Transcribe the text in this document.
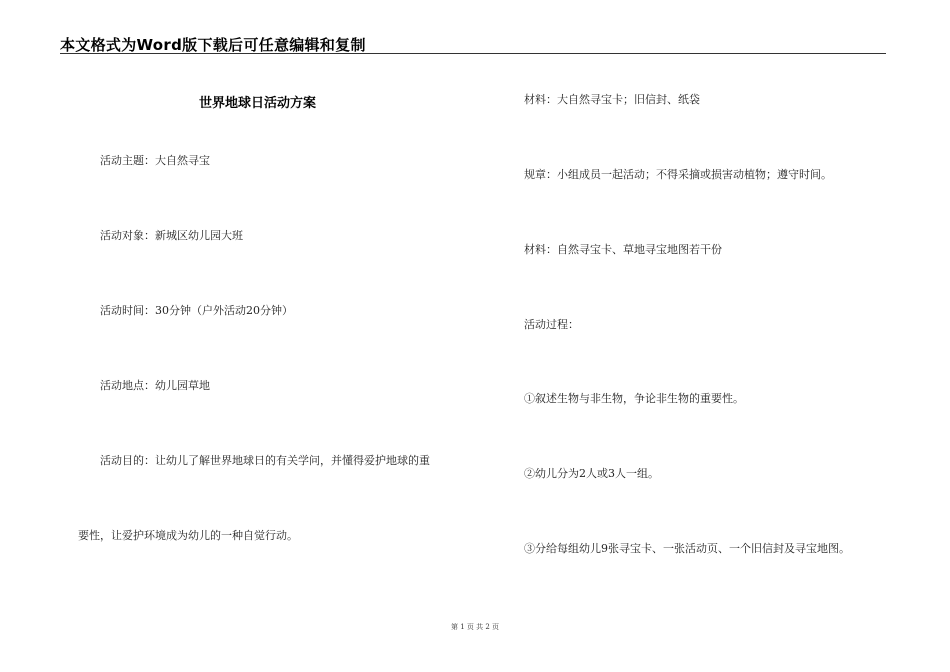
本文格式为Word版下载后可任意编辑和复制
世界地球日活动方案
活动主题：大自然寻宝
活动对象：新城区幼儿园大班
活动时间：30分钟（户外活动20分钟）
活动地点：幼儿园草地
活动目的：让幼儿了解世界地球日的有关学问，并懂得爱护地球的重
要性，让爱护环境成为幼儿的一种自觉行动。
材料：大自然寻宝卡；旧信封、纸袋
规章：小组成员一起活动；不得采摘或损害动植物；遵守时间。
材料：自然寻宝卡、草地寻宝地图若干份
活动过程：
①叙述生物与非生物，争论非生物的重要性。
②幼儿分为2人或3人一组。
③分给每组幼儿9张寻宝卡、一张活动页、一个旧信封及寻宝地图。
第 1 页 共 2 页
